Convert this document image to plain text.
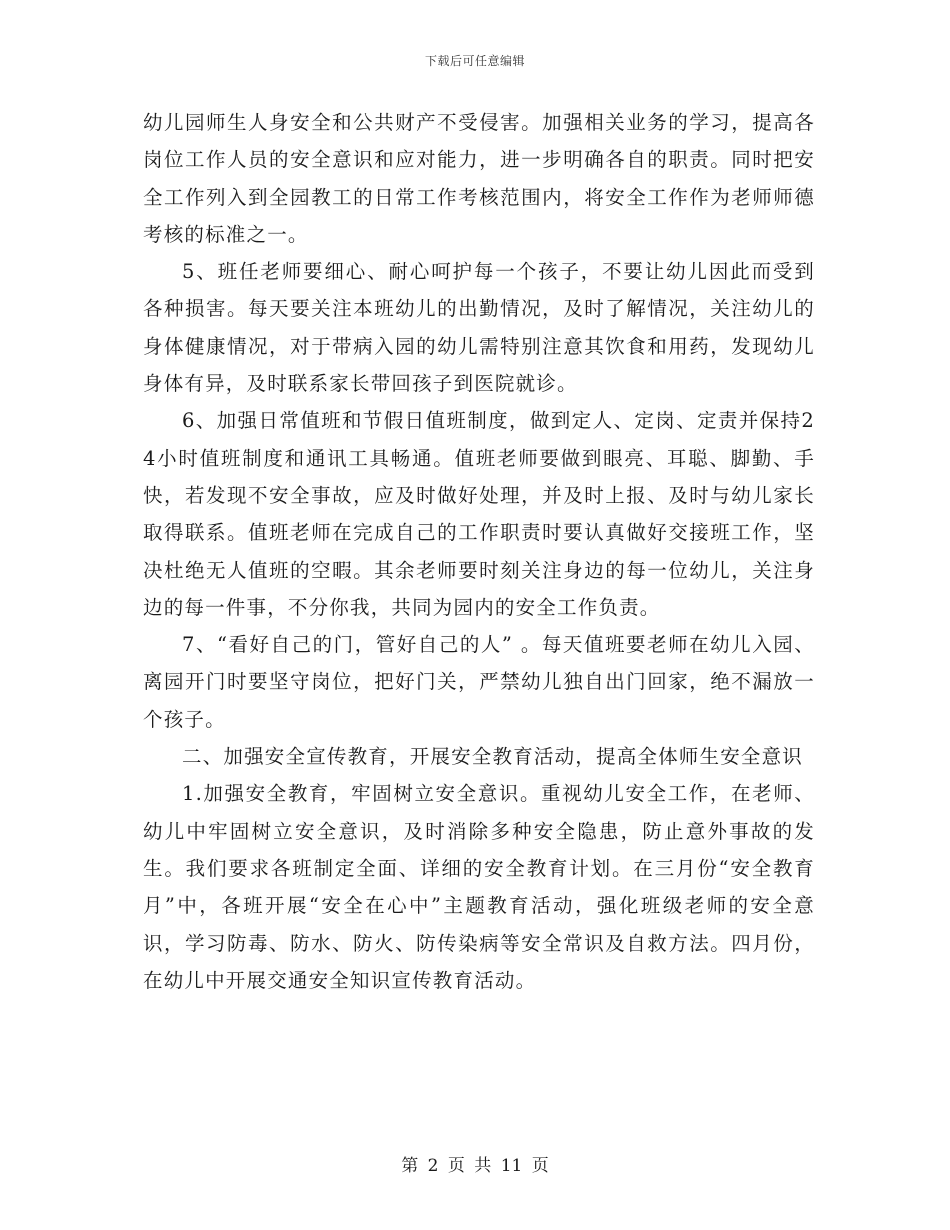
下载后可任意编辑

幼儿园师生人身安全和公共财产不受侵害。加强相关业务的学习，提高各岗位工作人员的安全意识和应对能力，进一步明确各自的职责。同时把安全工作列入到全园教工的日常工作考核范围内，将安全工作作为老师师德考核的标准之一。

5、班任老师要细心、耐心呵护每一个孩子，不要让幼儿因此而受到各种损害。每天要关注本班幼儿的出勤情况，及时了解情况，关注幼儿的身体健康情况，对于带病入园的幼儿需特别注意其饮食和用药，发现幼儿身体有异，及时联系家长带回孩子到医院就诊。

6、加强日常值班和节假日值班制度，做到定人、定岗、定责并保持24小时值班制度和通讯工具畅通。值班老师要做到眼亮、耳聪、脚勤、手快，若发现不安全事故，应及时做好处理，并及时上报、及时与幼儿家长取得联系。值班老师在完成自己的工作职责时要认真做好交接班工作，坚决杜绝无人值班的空暇。其余老师要时刻关注身边的每一位幼儿，关注身边的每一件事，不分你我，共同为园内的安全工作负责。

7、“看好自己的门，管好自己的人” 。每天值班要老师在幼儿入园、离园开门时要坚守岗位，把好门关，严禁幼儿独自出门回家，绝不漏放一个孩子。

二、加强安全宣传教育，开展安全教育活动，提高全体师生安全意识

1.加强安全教育，牢固树立安全意识。重视幼儿安全工作，在老师、幼儿中牢固树立安全意识，及时消除多种安全隐患，防止意外事故的发生。我们要求各班制定全面、详细的安全教育计划。在三月份“安全教育月”中，各班开展“安全在心中”主题教育活动，强化班级老师的安全意识，学习防毒、防水、防火、防传染病等安全常识及自救方法。四月份，在幼儿中开展交通安全知识宣传教育活动。

第 2 页 共 11 页
